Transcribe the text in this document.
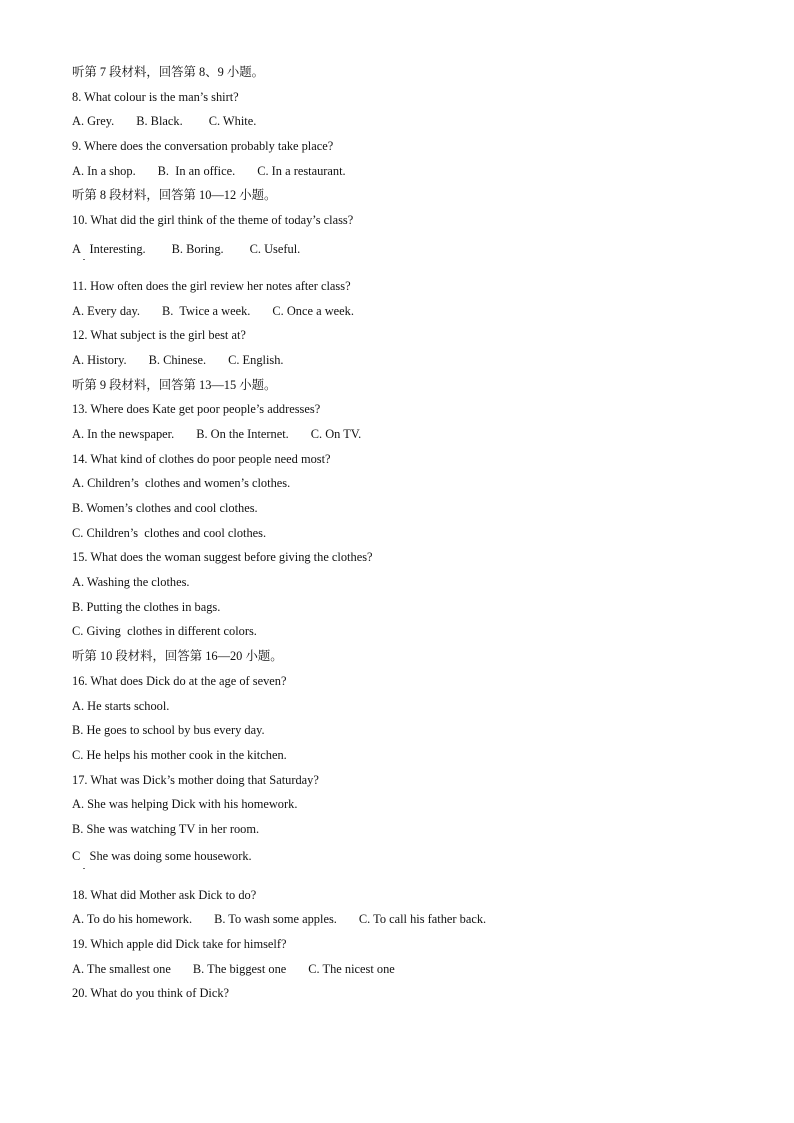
听第 7 段材料，回答第 8、9 小题。
8. What colour is the man’s shirt?
A. Grey. B. Black. C. White.
9. Where does the conversation probably take place?
A. In a shop. B.  In an office. C. In a restaurant.
听第 8 段材料，回答第 10—12 小题。
10. What did the girl think of the theme of today’s class?
A   Interesting. B. Boring. C. Useful.
11. How often does the girl review her notes after class?
A. Every day. B.  Twice a week. C. Once a week.
12. What subject is the girl best at?
A. History. B. Chinese. C. English.
听第 9 段材料，回答第 13—15 小题。
13. Where does Kate get poor people’s addresses?
A. In the newspaper. B. On the Internet. C. On TV.
14. What kind of clothes do poor people need most?
A. Children’s  clothes and women’s clothes.
B. Women’s clothes and cool clothes.
C. Children’s  clothes and cool clothes.
15. What does the woman suggest before giving the clothes?
A. Washing the clothes.
B. Putting the clothes in bags.
C. Giving  clothes in different colors.
听第 10 段材料，回答第 16—20 小题。
16. What does Dick do at the age of seven?
A. He starts school.
B. He goes to school by bus every day.
C. He helps his mother cook in the kitchen.
17. What was Dick’s mother doing that Saturday?
A. She was helping Dick with his homework.
B. She was watching TV in her room.
C   She was doing some housework.
18. What did Mother ask Dick to do?
A. To do his homework. B. To wash some apples. C. To call his father back.
19. Which apple did Dick take for himself?
A. The smallest one B. The biggest one C. The nicest one
20. What do you think of Dick?
